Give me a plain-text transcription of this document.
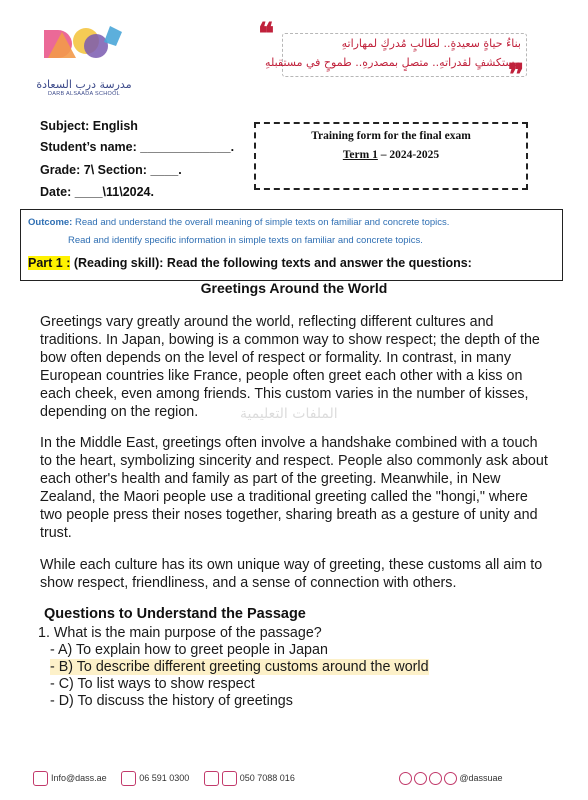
مدرسة درب السعادة
DARB ALSAADA SCHOOL
❝	بناءُ حياةٍ سعيدةٍ.. لطالبٍ مُدركٍ لمهاراتهِ
مستكشفٍ لقدراتهِ.. متصلٍ بمصدرهِ.. طموحٍ في مستقبلهِ
❞
Subject: English
Student’s name: _____________.
Grade: 7\ Section: ____.
Date: ____\11\2024.
Training form for the final exam
Term 1 – 2024-2025
Outcome: Read and understand the overall meaning of simple texts on familiar and concrete topics.
Read and identify specific information in simple texts on familiar and concrete topics.
Part 1 : (Reading skill): Read the following texts and answer the questions:
Greetings Around the World
Greetings vary greatly around the world, reflecting different cultures and traditions. In Japan, bowing is a common way to show respect; the depth of the bow often depends on the level of respect or formality. In contrast, in many European countries like France, people often greet each other with a kiss on each cheek, even among friends. This custom varies in the number of kisses, depending on the region.
In the Middle East, greetings often involve a handshake combined with a touch to the heart, symbolizing sincerity and respect. People also commonly ask about each other's health and family as part of the greeting. Meanwhile, in New Zealand, the Maori people use a traditional greeting called the "hongi," where two people press their noses together, sharing breath as a gesture of unity and trust.
While each culture has its own unique way of greeting, these customs all aim to show respect, friendliness, and a sense of connection with others.
الملفات التعليمية
Questions to Understand the Passage
1. What is the main purpose of the passage?
- A) To explain how to greet people in Japan
- B) To describe different greeting customs around the world
- C) To list ways to show respect
- D) To discuss the history of greetings
Info@dass.ae	06 591 0300	050 7088 016	@dassuae
